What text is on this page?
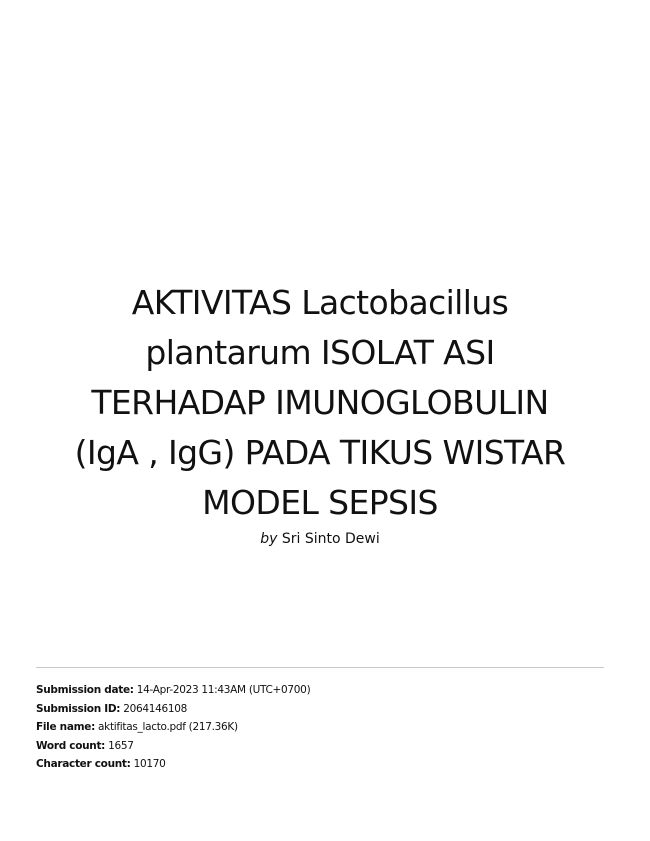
AKTIVITAS Lactobacillus
plantarum ISOLAT ASI
TERHADAP IMUNOGLOBULIN
(IgA , IgG) PADA TIKUS WISTAR
MODEL SEPSIS
by Sri Sinto Dewi
Submission date: 14-Apr-2023 11:43AM (UTC+0700)
Submission ID: 2064146108
File name: aktifitas_lacto.pdf (217.36K)
Word count: 1657
Character count: 10170
